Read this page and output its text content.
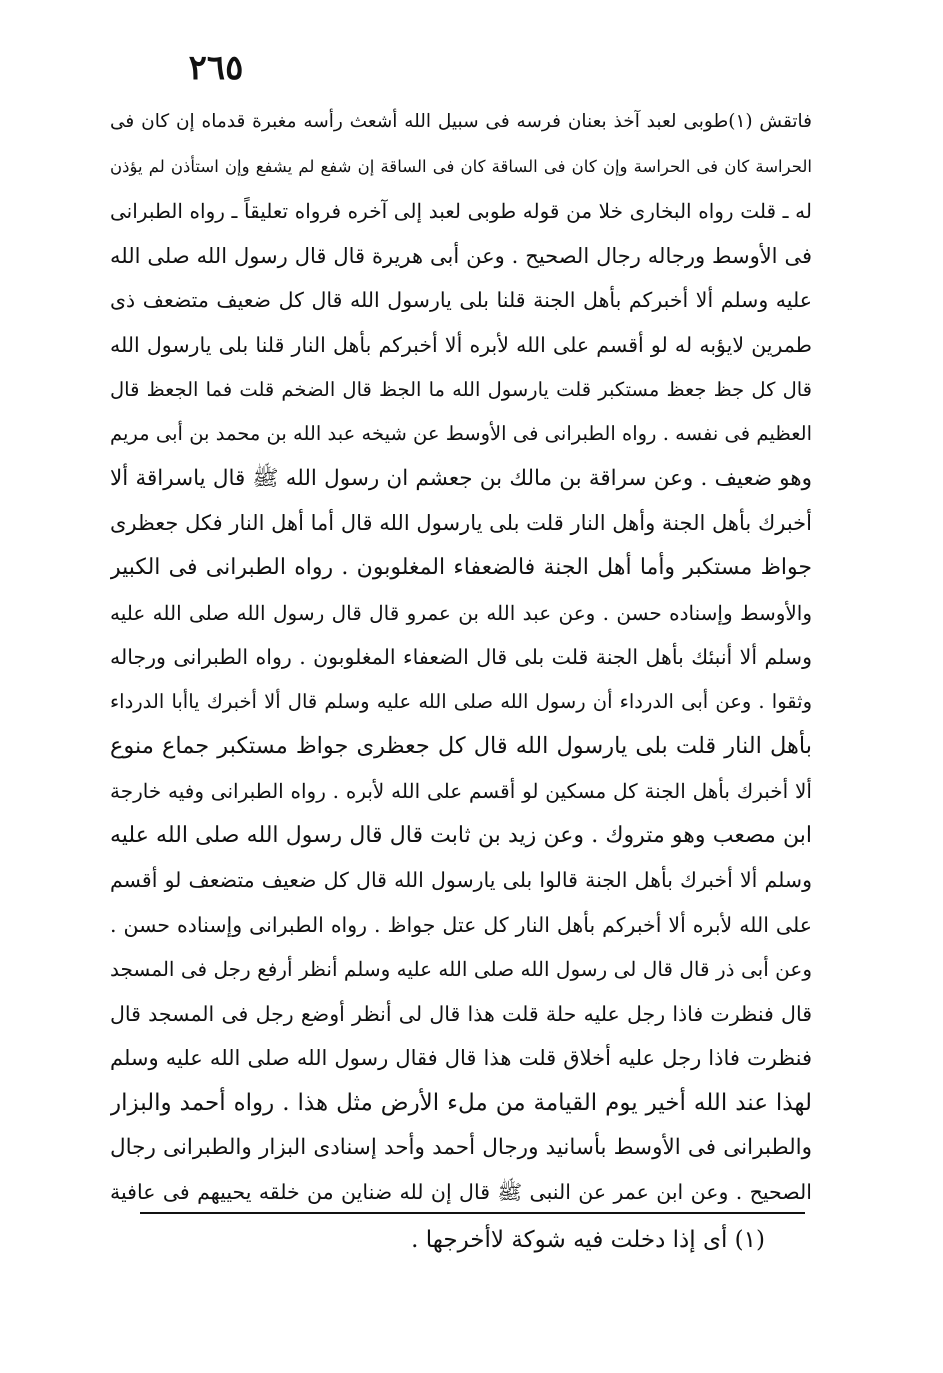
٢٦٥
فاتقش (١)طوبى لعبد آخذ بعنان فرسه فى سبيل الله أشعث رأسه مغبرة قدماه إن كان فى
الحراسة كان فى الحراسة وإن كان فى الساقة كان فى الساقة إن شفع لم يشفع وإن استأذن لم يؤذن
له ـ قلت رواه البخارى خلا من قوله طوبى لعبد إلى آخره فرواه تعليقاً ـ رواه الطبرانى
فى الأوسط ورجاله رجال الصحيح . وعن أبى هريرة قال قال رسول الله صلى الله
عليه وسلم ألا أخبركم بأهل الجنة قلنا بلى يارسول الله قال كل ضعيف متضعف ذى
طمرين لايؤبه له لو أقسم على الله لأبره ألا أخبركم بأهل النار قلنا بلى يارسول الله
قال كل جظ جعظ مستكبر قلت يارسول الله ما الجظ قال الضخم قلت فما الجعظ قال
العظيم فى نفسه . رواه الطبرانى فى الأوسط عن شيخه عبد الله بن محمد بن أبى مريم
وهو ضعيف . وعن سراقة بن مالك بن جعشم ان رسول الله ﷺ قال ياسراقة ألا
أخبرك بأهل الجنة وأهل النار قلت بلى يارسول الله قال أما أهل النار فكل جعظرى
جواظ مستكبر وأما أهل الجنة فالضعفاء المغلوبون . رواه الطبرانى فى الكبير
والأوسط وإسناده حسن . وعن عبد الله بن عمرو قال قال رسول الله صلى الله عليه
وسلم ألا أنبئك بأهل الجنة قلت بلى قال الضعفاء المغلوبون . رواه الطبرانى ورجاله
وثقوا . وعن أبى الدرداء أن رسول الله صلى الله عليه وسلم قال ألا أخبرك ياأبا الدرداء
بأهل النار قلت بلى يارسول الله قال كل جعظرى جواظ مستكبر جماع منوع
ألا أخبرك بأهل الجنة كل مسكين لو أقسم على الله لأبره . رواه الطبرانى وفيه خارجة
ابن مصعب وهو متروك . وعن زيد بن ثابت قال قال رسول الله صلى الله عليه
وسلم ألا أخبرك بأهل الجنة قالوا بلى يارسول الله قال كل ضعيف متضعف لو أقسم
على الله لأبره ألا أخبركم بأهل النار كل عتل جواظ . رواه الطبرانى وإسناده حسن .
وعن أبى ذر قال قال لى رسول الله صلى الله عليه وسلم أنظر أرفع رجل فى المسجد
قال فنظرت فاذا رجل عليه حلة قلت هذا قال لى أنظر أوضع رجل فى المسجد قال
فنظرت فاذا رجل عليه أخلاق قلت هذا قال فقال رسول الله صلى الله عليه وسلم
لهذا عند الله أخير يوم القيامة من ملء الأرض مثل هذا . رواه أحمد والبزار
والطبرانى فى الأوسط بأسانيد ورجال أحمد وأحد إسنادى البزار والطبرانى رجال
الصحيح . وعن ابن عمر عن النبى ﷺ قال إن لله ضناين من خلقه يحييهم فى عافية
(١) أى إذا دخلت فيه شوكة لاأخرجها .
